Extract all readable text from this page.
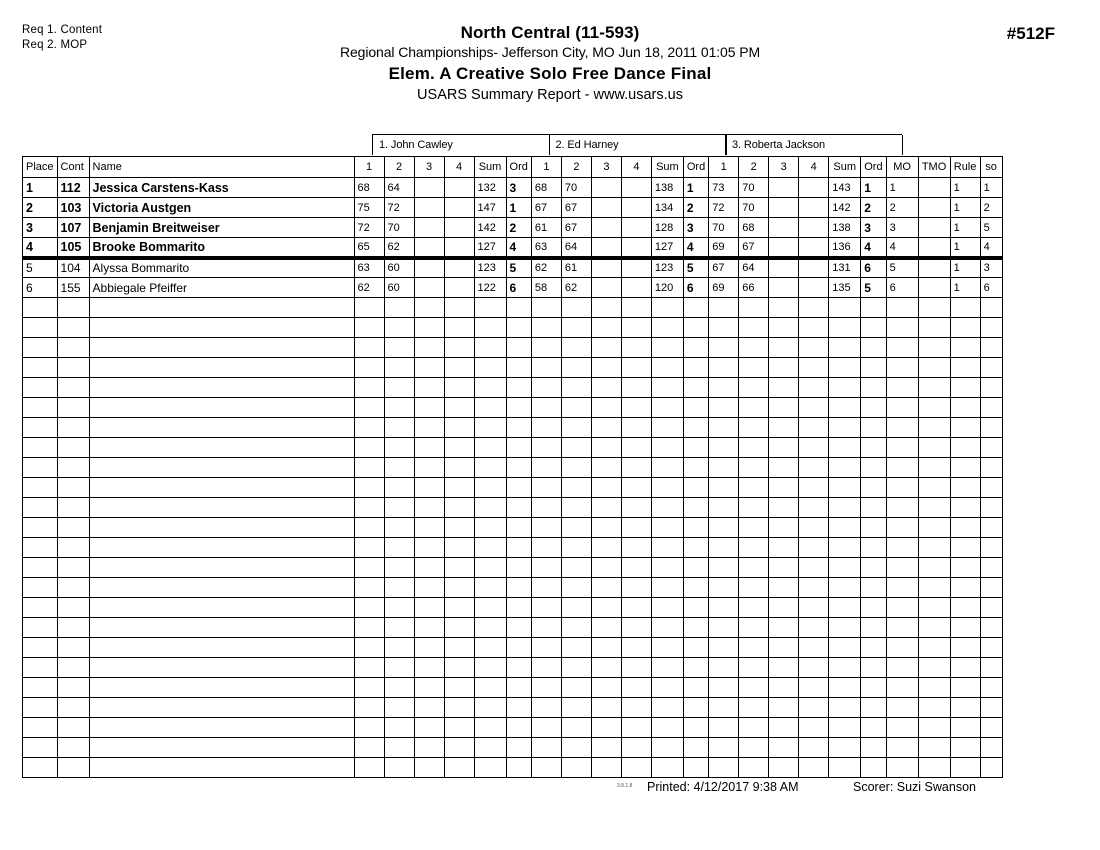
Req 1. Content
Req 2. MOP
North Central (11-593)
Regional Championships- Jefferson City, MO Jun 18, 2011 01:05 PM
Elem. A Creative Solo Free Dance Final
USARS Summary Report - www.usars.us
#512F
1. John Cawley	2. Ed Harney	3. Roberta Jackson
Place	Cont	Name	1	2	3	4	Sum	Ord	1	2	3	4	Sum	Ord	1	2	3	4	Sum	Ord	MO	TMO	Rule	so
1	112	Jessica Carstens-Kass	68	64			132	3	68	70			138	1	73	70			143	1	1		1	1
2	103	Victoria Austgen	75	72			147	1	67	67			134	2	72	70			142	2	2		1	2
3	107	Benjamin Breitweiser	72	70			142	2	61	67			128	3	70	68			138	3	3		1	5
4	105	Brooke Bommarito	65	62			127	4	63	64			127	4	69	67			136	4	4		1	4
5	104	Alyssa Bommarito	63	60			123	5	62	61			123	5	67	64			131	6	5		1	3
6	155	Abbiegale Pfeiffer	62	60			122	6	58	62			120	6	69	66			135	5	6		1	6

3.8.1.8 Printed: 4/12/2017 9:38 AM	Scorer: Suzi Swanson
